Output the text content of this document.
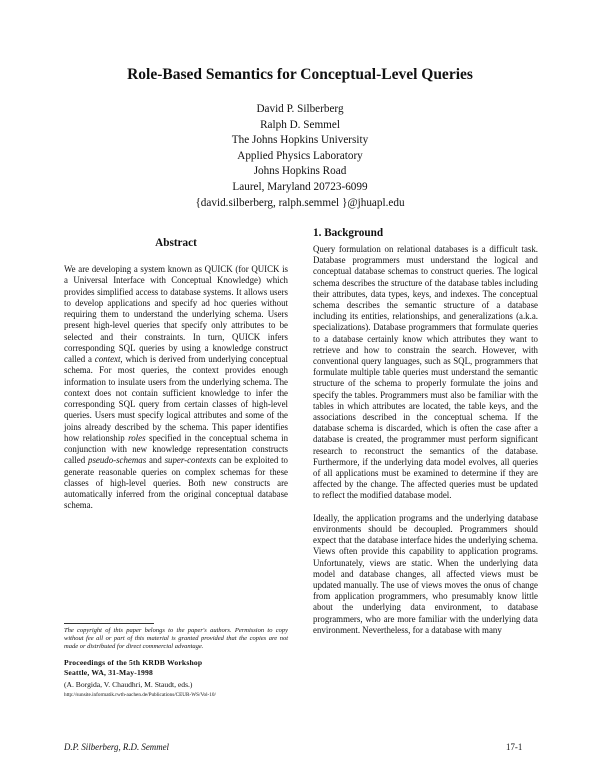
Role-Based Semantics for Conceptual-Level Queries
David P. Silberberg
Ralph D. Semmel
The Johns Hopkins University
Applied Physics Laboratory
Johns Hopkins Road
Laurel, Maryland 20723-6099
{david.silberberg, ralph.semmel }@jhuapl.edu
Abstract
We are developing a system known as QUICK (for QUICK is a Universal Interface with Conceptual Knowledge) which provides simplified access to database systems. It allows users to develop applications and specify ad hoc queries without requiring them to understand the underlying schema. Users present high-level queries that specify only attributes to be selected and their constraints. In turn, QUICK infers corresponding SQL queries by using a knowledge construct called a context, which is derived from underlying conceptual schema. For most queries, the context provides enough information to insulate users from the underlying schema. The context does not contain sufficient knowledge to infer the corresponding SQL query from certain classes of high-level queries. Users must specify logical attributes and some of the joins already described by the schema. This paper identifies how relationship roles specified in the conceptual schema in conjunction with new knowledge representation constructs called pseudo-schemas and super-contexts can be exploited to generate reasonable queries on complex schemas for these classes of high-level queries. Both new constructs are automatically inferred from the original conceptual database schema.
The copyright of this paper belongs to the paper's authors. Permission to copy without fee all or part of this material is granted provided that the copies are not made or distributed for direct commercial advantage.
Proceedings of the 5th KRDB Workshop
Seattle, WA, 31-May-1998
(A. Borgida, V. Chaudhri, M. Staudt, eds.)
http://sunsite.informatik.rwth-aachen.de/Publications/CEUR-WS/Vol-10/
1. Background

Query formulation on relational databases is a difficult task. Database programmers must understand the logical and conceptual database schemas to construct queries. The logical schema describes the structure of the database tables including their attributes, data types, keys, and indexes. The conceptual schema describes the semantic structure of a database including its entities, relationships, and generalizations (a.k.a. specializations). Database programmers that formulate queries to a database certainly know which attributes they want to retrieve and how to constrain the search. However, with conventional query languages, such as SQL, programmers that formulate multiple table queries must understand the semantic structure of the schema to properly formulate the joins and specify the tables. Programmers must also be familiar with the tables in which attributes are located, the table keys, and the associations described in the conceptual schema. If the database schema is discarded, which is often the case after a database is created, the programmer must perform significant research to reconstruct the semantics of the database. Furthermore, if the underlying data model evolves, all queries of all applications must be examined to determine if they are affected by the change. The affected queries must be updated to reflect the modified database model.

Ideally, the application programs and the underlying database environments should be decoupled. Programmers should expect that the database interface hides the underlying schema. Views often provide this capability to application programs. Unfortunately, views are static. When the underlying data model and database changes, all affected views must be updated manually. The use of views moves the onus of change from application programmers, who presumably know little about the underlying data environment, to database programmers, who are more familiar with the underlying data environment. Nevertheless, for a database with many

D.P. Silberberg, R.D. Semmel	17-1
